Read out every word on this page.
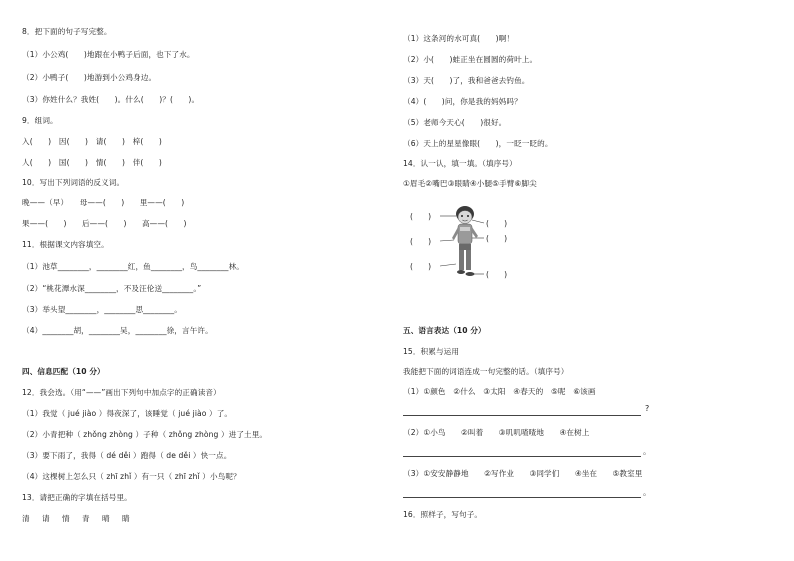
8．把下面的句子写完整。
（1）小公鸡(　　)地跟在小鸭子后面，也下了水。
（2）小鸭子(　　)地游到小公鸡身边。
（3）你姓什么？我姓(　　)。什么(　　)？(　　)。
9．组词。
入(　　)　因(　　)　请(　　)　梓(　　)
人(　　)　国(　　)　情(　　)　伴(　　)
10．写出下列词语的反义词。
晚——（早）　　母——(　　)　　里——(　　)
果——(　　)　　后——(　　)　　高——(　　)
11．根据课文内容填空。
（1）池草________，________红，鱼________，鸟________林。
（2）“桃花潭水深________，不及汪伦送________。”
（3）举头望________，________思________。
（4）________胡，________吴，________徐，言午许。
四、信息匹配（10 分）
12．我会选。（用“——”画出下列句中加点字的正确读音）
（1）我觉（ jué jiào ）得夜深了，该睡觉（ jué jiào ）了。
（2）小青把种（ zhǒng zhòng ）子种（ zhǒng zhòng ）进了土里。
（3）要下雨了，我得（ dé děi ）跑得（ de děi ）快一点。
（4）这棵树上怎么只（ zhī zhǐ ）有一只（ zhī zhǐ ）小鸟呢？
13．请把正确的字填在括号里。
清 请 情 青 晴 睛
（1）这条河的水可真(　　)啊！
（2）小(　　)蛙正坐在圆圆的荷叶上。
（3）天(　　)了，我和爸爸去钓鱼。
（4）(　　)问，你是我的妈妈吗？
（5）老师今天心(　　)很好。
（6）天上的星星像眼(　　)，一眨一眨的。
14．认一认，填一填。（填序号）
①眉毛②嘴巴③眼睛④小腿⑤手臂⑥脚尖
五、语言表达（10 分）
15．积累与运用
我能把下面的词语连成一句完整的话。（填序号）
（1）①颜色　②什么　③太阳　④春天的　⑤呢　⑥该画
?
（2）①小鸟　　②叫着　　③叽叽喳喳地　　④在树上
。
（3）①安安静静地　　②写作业　　③同学们　　④坐在　　⑤教室里
。
16．照样子，写句子。
(　　)
(　　)
(　　)
(　　)
(　　)
(　　)
